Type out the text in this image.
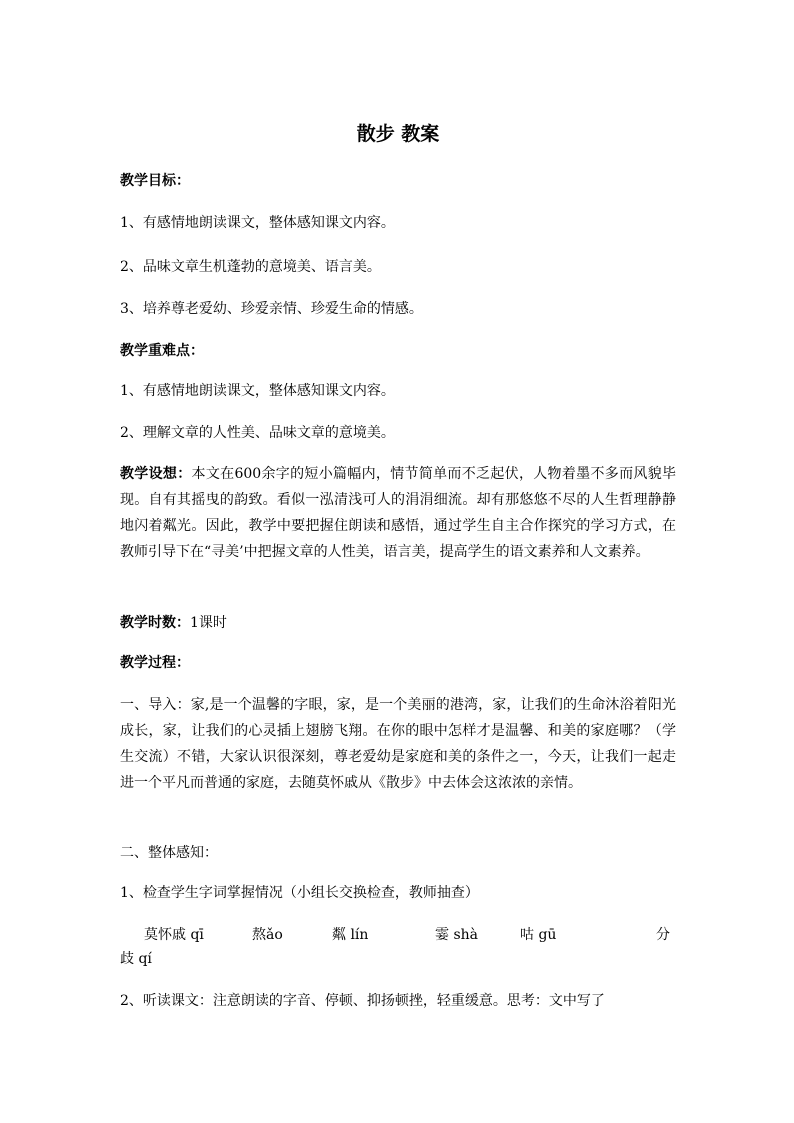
散步 教案
教学目标：
1、有感情地朗读课文，整体感知课文内容。
2、品味文章生机蓬勃的意境美、语言美。
3、培养尊老爱幼、珍爱亲情、珍爱生命的情感。
教学重难点：
1、有感情地朗读课文，整体感知课文内容。
2、理解文章的人性美、品味文章的意境美。
教学设想：本文在600余字的短小篇幅内，情节简单而不乏起伏，人物着墨不多而风貌毕现。自有其摇曳的韵致。看似一泓清浅可人的涓涓细流。却有那悠悠不尽的人生哲理静静地闪着粼光。因此，教学中要把握住朗读和感悟，通过学生自主合作探究的学习方式，在教师引导下在“寻美’中把握文章的人性美，语言美，提高学生的语文素养和人文素养。
教学时数：1课时
教学过程：
一、导入：家,是一个温馨的字眼，家，是一个美丽的港湾，家，让我们的生命沐浴着阳光成长，家，让我们的心灵插上翅膀飞翔。在你的眼中怎样才是温馨、和美的家庭哪？（学生交流）不错，大家认识很深刻，尊老爱幼是家庭和美的条件之一，今天，让我们一起走进一个平凡而普通的家庭，去随莫怀戚从《散步》中去体会这浓浓的亲情。
二、整体感知：
1、检查学生字词掌握情况（小组长交换检查，教师抽查）
莫怀戚 qī	熬ǎo	粼 lín	霎 shà	咕 gū	分
歧 qí
2、听读课文：注意朗读的字音、停顿、抑扬顿挫，轻重缓意。思考：文中写了
